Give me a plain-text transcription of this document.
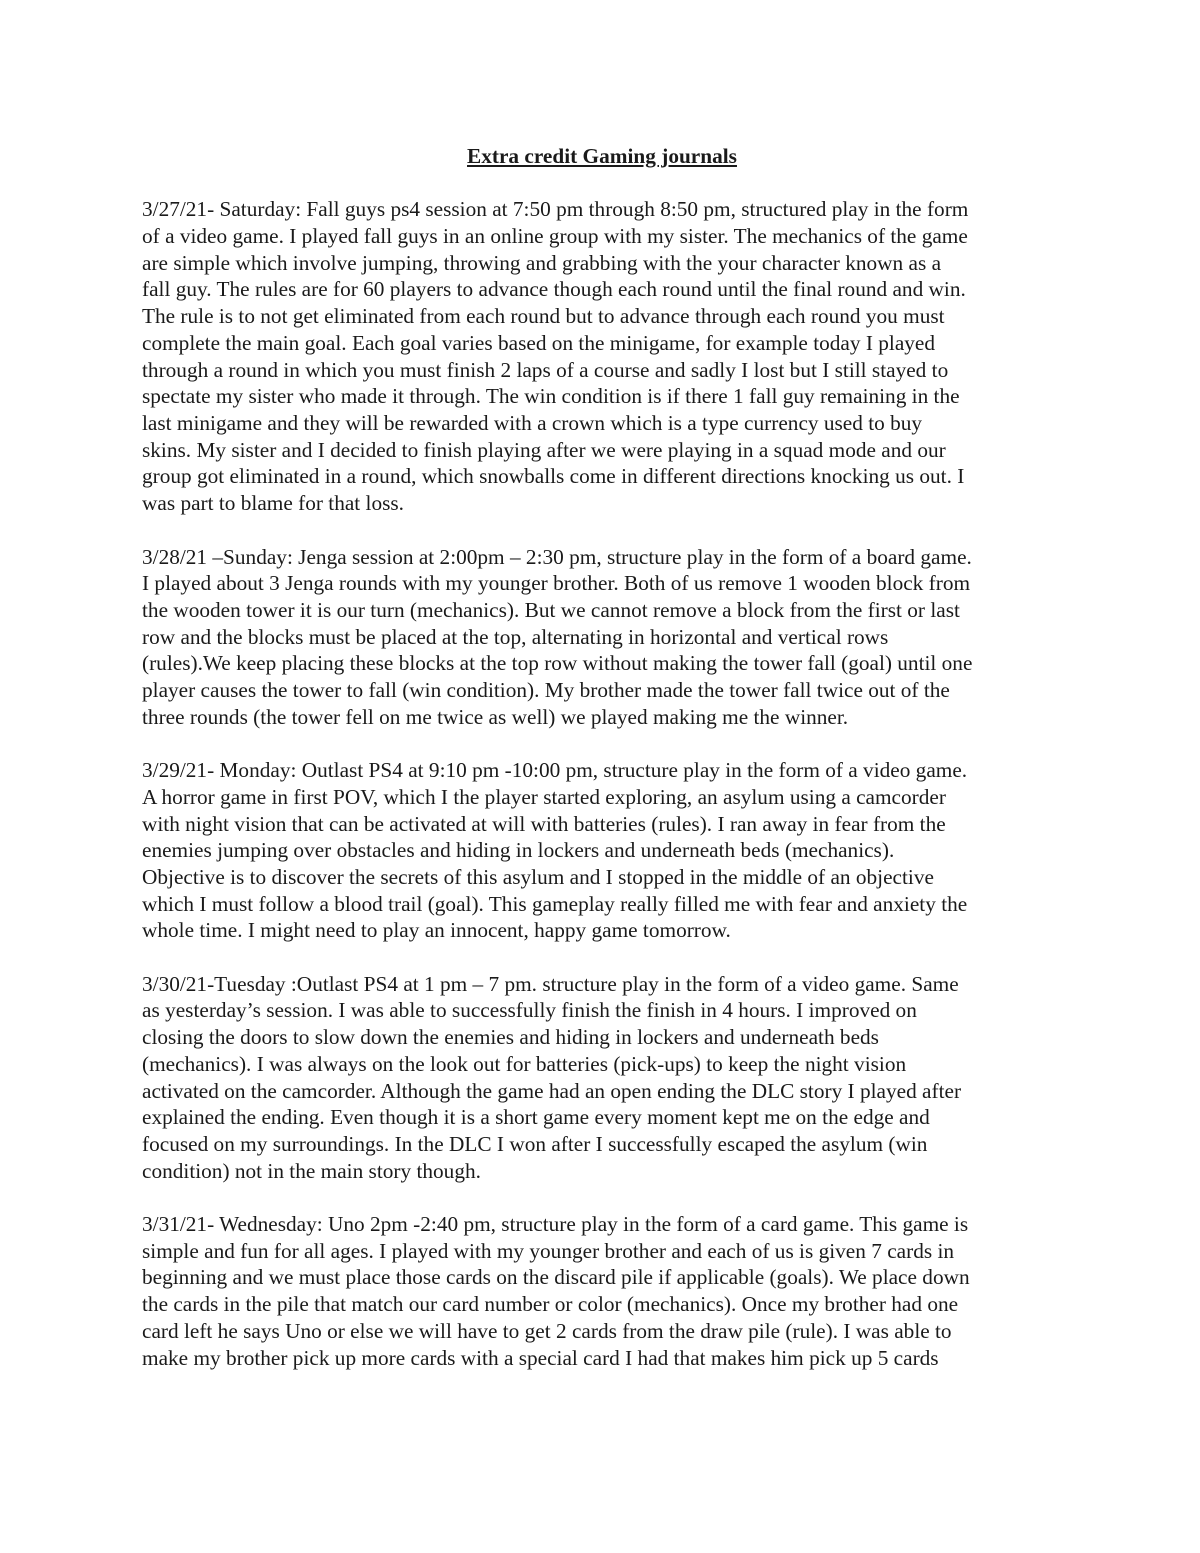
Extra credit Gaming journals
3/27/21- Saturday: Fall guys ps4 session at 7:50 pm through 8:50 pm, structured play in the form
of a video game. I played fall guys in an online group with my sister. The mechanics of the game
are simple which involve jumping, throwing and grabbing with the your character known as a
fall guy. The rules are for 60 players to advance though each round until the final round and win.
The rule is to not get eliminated from each round but to advance through each round you must
complete the main goal. Each goal varies based on the minigame, for example today I played
through a round in which you must finish 2 laps of a course and sadly I lost but I still stayed to
spectate my sister who made it through. The win condition is if there 1 fall guy remaining in the
last minigame and they will be rewarded with a crown which is a type currency used to buy
skins. My sister and I decided to finish playing after we were playing in a squad mode and our
group got eliminated in a round, which snowballs come in different directions knocking us out. I
was part to blame for that loss.
3/28/21 –Sunday: Jenga session at 2:00pm – 2:30 pm, structure play in the form of a board game.
I played about 3 Jenga rounds with my younger brother. Both of us remove 1 wooden block from
the wooden tower it is our turn (mechanics). But we cannot remove a block from the first or last
row and the blocks must be placed at the top, alternating in horizontal and vertical rows
(rules).We keep placing these blocks at the top row without making the tower fall (goal) until one
player causes the tower to fall (win condition). My brother made the tower fall twice out of the
three rounds (the tower fell on me twice as well) we played making me the winner.
3/29/21- Monday: Outlast PS4 at 9:10 pm -10:00 pm, structure play in the form of a video game.
A horror game in first POV, which I the player started exploring, an asylum using a camcorder
with night vision that can be activated at will with batteries (rules). I ran away in fear from the
enemies jumping over obstacles and hiding in lockers and underneath beds (mechanics).
Objective is to discover the secrets of this asylum and I stopped in the middle of an objective
which I must follow a blood trail (goal). This gameplay really filled me with fear and anxiety the
whole time. I might need to play an innocent, happy game tomorrow.
3/30/21-Tuesday :Outlast PS4 at 1 pm – 7 pm. structure play in the form of a video game. Same
as yesterday’s session. I was able to successfully finish the finish in 4 hours. I improved on
closing the doors to slow down the enemies and hiding in lockers and underneath beds
(mechanics). I was always on the look out for batteries (pick-ups) to keep the night vision
activated on the camcorder. Although the game had an open ending the DLC story I played after
explained the ending. Even though it is a short game every moment kept me on the edge and
focused on my surroundings. In the DLC I won after I successfully escaped the asylum (win
condition) not in the main story though.
3/31/21- Wednesday: Uno 2pm -2:40 pm, structure play in the form of a card game. This game is
simple and fun for all ages. I played with my younger brother and each of us is given 7 cards in
beginning and we must place those cards on the discard pile if applicable (goals). We place down
the cards in the pile that match our card number or color (mechanics). Once my brother had one
card left he says Uno or else we will have to get 2 cards from the draw pile (rule). I was able to
make my brother pick up more cards with a special card I had that makes him pick up 5 cards
